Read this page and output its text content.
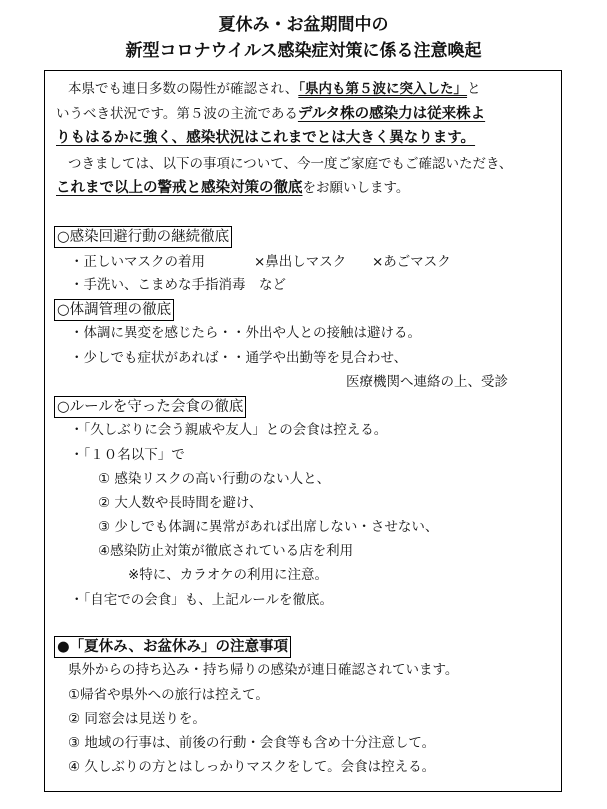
夏休み・お盆期間中の
新型コロナウイルス感染症対策に係る注意喚起
本県でも連日多数の陽性が確認され、「県内も第５波に突入した」と
いうべき状況です。第５波の主流であるデルタ株の感染力は従来株よ
りもはるかに強く、感染状況はこれまでとは大きく異なります。
つきましては、以下の事項について、今一度ご家庭でもご確認いただき、
これまで以上の警戒と感染対策の徹底をお願いします。
○感染回避行動の継続徹底
・正しいマスクの着用	×鼻出しマスク ×あごマスク
・手洗い、こまめな手指消毒　など
○体調管理の徹底
・体調に異変を感じたら・・外出や人との接触は避ける。
・少しでも症状があれば・・通学や出勤等を見合わせ、
医療機関へ連絡の上、受診
○ルールを守った会食の徹底
・「久しぶりに会う親戚や友人」との会食は控える。
・「１０名以下」で
① 感染リスクの高い行動のない人と、
② 大人数や長時間を避け、
③ 少しでも体調に異常があれば出席しない・させない、
④感染防止対策が徹底されている店を利用
※特に、カラオケの利用に注意。
・「自宅での会食」も、上記ルールを徹底。
●「夏休み、お盆休み」の注意事項
県外からの持ち込み・持ち帰りの感染が連日確認されています。
①帰省や県外への旅行は控えて。
② 同窓会は見送りを。
③ 地域の行事は、前後の行動・会食等も含め十分注意して。
④ 久しぶりの方とはしっかりマスクをして。会食は控える。
